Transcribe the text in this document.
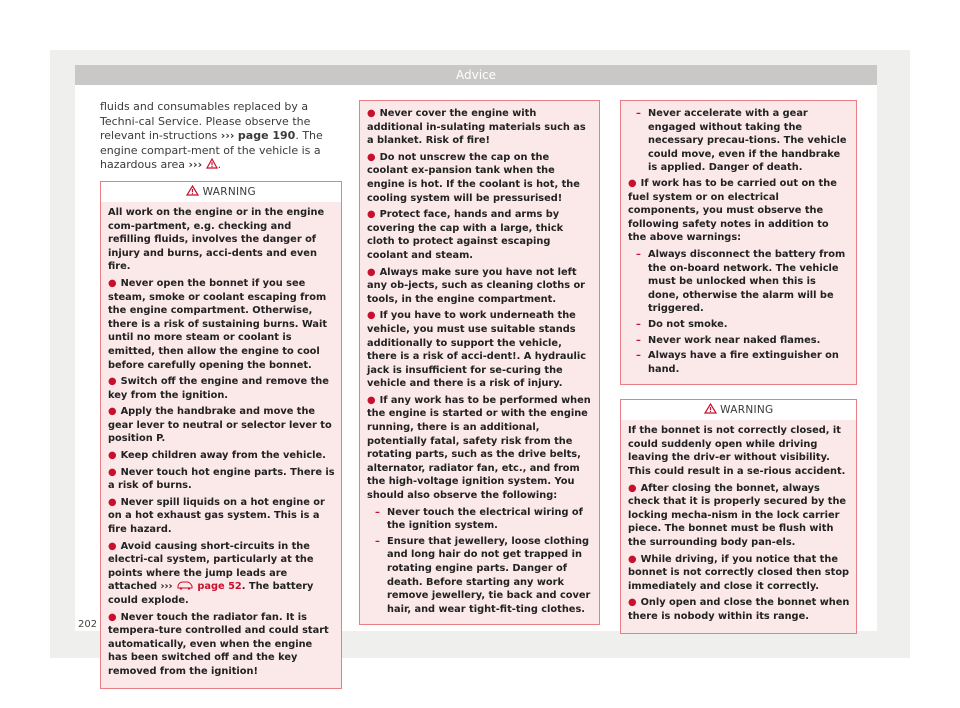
Advice

fluids and consumables replaced by a Techni-cal Service. Please observe the relevant in-structions ››› page 190. The engine compart-ment of the vehicle is a hazardous area ››› .

WARNING

All work on the engine or in the engine com-partment, e.g. checking and refilling fluids, involves the danger of injury and burns, acci-dents and even fire.

● Never open the bonnet if you see steam, smoke or coolant escaping from the engine compartment. Otherwise, there is a risk of sustaining burns. Wait until no more steam or coolant is emitted, then allow the engine to cool before carefully opening the bonnet.

● Switch off the engine and remove the key from the ignition.

● Apply the handbrake and move the gear lever to neutral or selector lever to position P.

● Keep children away from the vehicle.

● Never touch hot engine parts. There is a risk of burns.

● Never spill liquids on a hot engine or on a hot exhaust gas system. This is a fire hazard.

● Avoid causing short-circuits in the electri-cal system, particularly at the points where the jump leads are attached ›››	page 52. The battery could explode.

● Never touch the radiator fan. It is tempera-ture controlled and could start automatically, even when the engine has been switched off and the key removed from the ignition!

● Never cover the engine with additional in-sulating materials such as a blanket. Risk of fire!

● Do not unscrew the cap on the coolant ex-pansion tank when the engine is hot. If the coolant is hot, the cooling system will be pressurised!

● Protect face, hands and arms by covering the cap with a large, thick cloth to protect against escaping coolant and steam.

● Always make sure you have not left any ob-jects, such as cleaning cloths or tools, in the engine compartment.

● If you have to work underneath the vehicle, you must use suitable stands additionally to support the vehicle, there is a risk of acci-dent!. A hydraulic jack is insufficient for se-curing the vehicle and there is a risk of injury.

● If any work has to be performed when the engine is started or with the engine running, there is an additional, potentially fatal, safety risk from the rotating parts, such as the drive belts, alternator, radiator fan, etc., and from the high-voltage ignition system. You should also observe the following:

– Never touch the electrical wiring of the ignition system.

– Ensure that jewellery, loose clothing and long hair do not get trapped in rotating engine parts. Danger of death. Before starting any work remove jewellery, tie back and cover hair, and wear tight-fit-ting clothes.

– Never accelerate with a gear engaged without taking the necessary precau-tions. The vehicle could move, even if the handbrake is applied. Danger of death.

● If work has to be carried out on the fuel system or on electrical components, you must observe the following safety notes in addition to the above warnings:

– Always disconnect the battery from the on-board network. The vehicle must be unlocked when this is done, otherwise the alarm will be triggered.

– Do not smoke.

– Never work near naked flames.

– Always have a fire extinguisher on hand.

WARNING

If the bonnet is not correctly closed, it could suddenly open while driving leaving the driv-er without visibility. This could result in a se-rious accident.

● After closing the bonnet, always check that it is properly secured by the locking mecha-nism in the lock carrier piece. The bonnet must be flush with the surrounding body pan-els.

● While driving, if you notice that the bonnet is not correctly closed then stop immediately and close it correctly.

● Only open and close the bonnet when there is nobody within its range.

202
